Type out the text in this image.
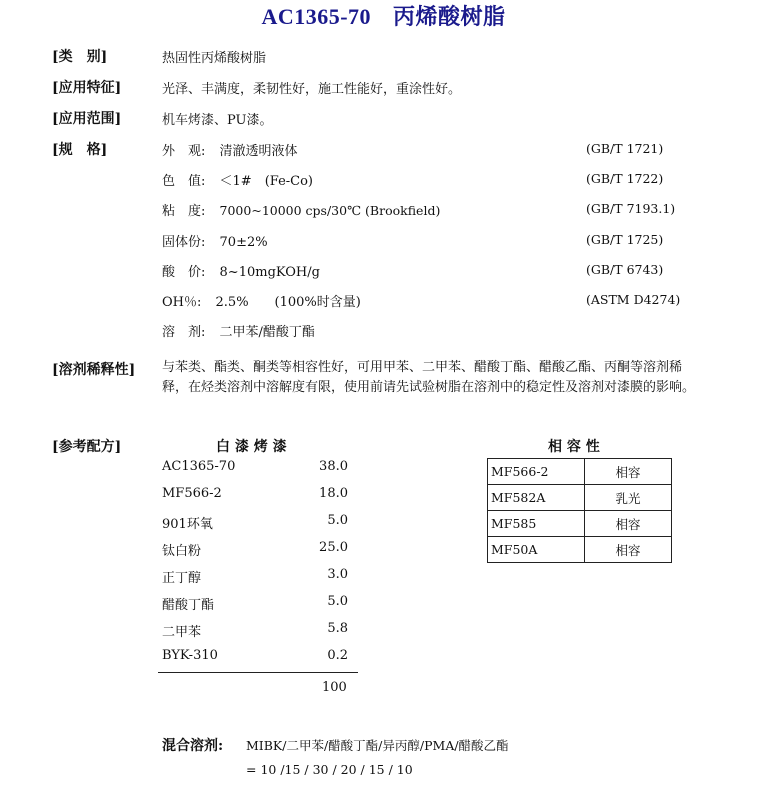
AC1365-70 丙烯酸树脂
[类　别]	热固性丙烯酸树脂
[应用特征]	光泽、丰满度，柔韧性好，施工性能好，重涂性好。
[应用范围]	机车烤漆、PU漆。
[规　格]	外　观: 清澈透明液体	(GB/T 1721)
色　值: ＜1#　(Fe-Co)	(GB/T 1722)
粘　度: 7000~10000 cps/30℃ (Brookfield)	(GB/T 7193.1)
固体份: 70±2%	(GB/T 1725)
酸　价: 8~10mgKOH/g	(GB/T 6743)
OH％: 2.5%　　(100%时含量)	(ASTM D4274)
溶　剂: 二甲苯/醋酸丁酯
[溶剂稀释性] 与苯类、酯类、酮类等相容性好，可用甲苯、二甲苯、醋酸丁酯、醋酸乙酯、丙酮等溶剂稀释，在烃类溶剂中溶解度有限，使用前请先试验树脂在溶剂中的稳定性及溶剂对漆膜的影响。
[参考配方]	白 漆 烤 漆
AC1365-70	38.0
MF566-2	18.0
901环氧	5.0
钛白粉	25.0
正丁醇	3.0
醋酸丁酯	5.0
二甲苯	5.8
BYK-310	0.2
100
相 容 性
MF566-2	相容
MF582A	乳光
MF585	相容
MF50A	相容
混合溶剂: MIBK/二甲苯/醋酸丁酯/异丙醇/PMA/醋酸乙酯
= 10 /15 / 30 / 20 / 15 / 10
